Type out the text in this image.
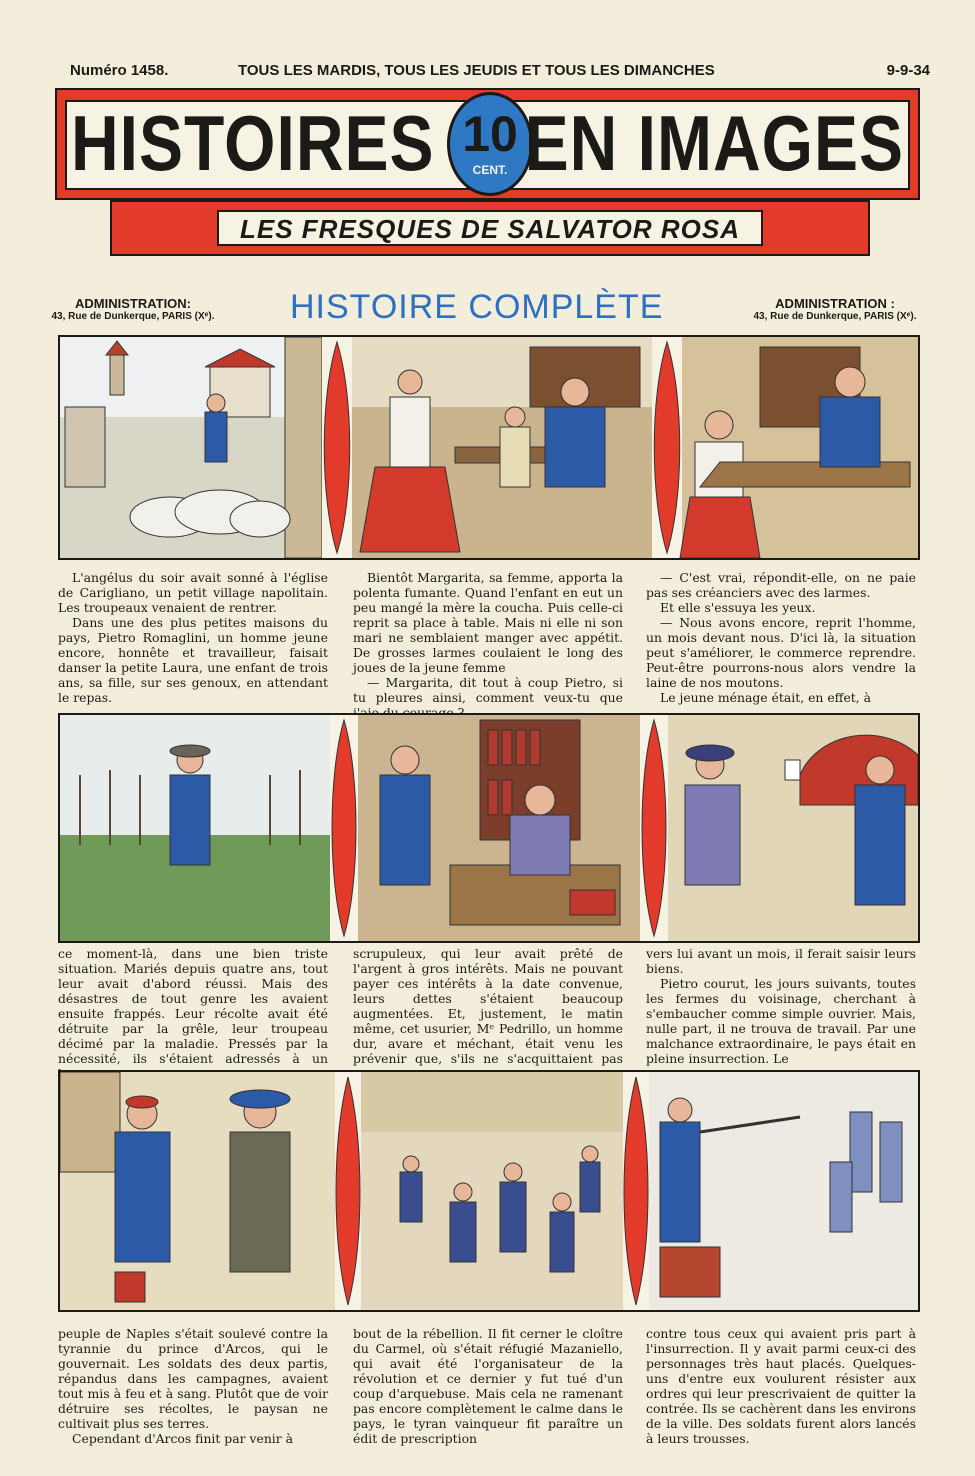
Numéro 1458.	TOUS LES MARDIS, TOUS LES JEUDIS ET TOUS LES DIMANCHES	9-9-34
HISTOIRES 10
CENT. EN IMAGES
LES FRESQUES DE SALVATOR ROSA
ADMINISTRATION:
43, Rue de Dunkerque, PARIS (Xᵉ). HISTOIRE COMPLÈTE	ADMINISTRATION :
43, Rue de Dunkerque, PARIS (Xᵉ).

L'angélus du soir avait sonné à l'église de Carigliano, un petit village napolitain. Les troupeaux venaient de rentrer.

Dans une des plus petites maisons du pays, Pietro Romaglini, un homme jeune encore, honnête et travailleur, faisait danser la petite Laura, une enfant de trois ans, sa fille, sur ses genoux, en attendant le repas.

Bientôt Margarita, sa femme, apporta la polenta fumante. Quand l'enfant en eut un peu mangé la mère la coucha. Puis celle-ci reprit sa place à table. Mais ni elle ni son mari ne semblaient manger avec appétit. De grosses larmes coulaient le long des joues de la jeune femme

— Margarita, dit tout à coup Pietro, si tu pleures ainsi, comment veux-tu que

— C'est vrai, répondit-elle, on ne paie pas ses créanciers avec des larmes.

Et elle s'essuya les yeux.

— Nous avons encore, reprit l'homme, un mois devant nous. D'ici là, la situation peut s'améliorer, le commerce reprendre. Peut-être pourrons-nous alors vendre la laine de nos moutons.

Le jeune ménage était, en effet, à

ce moment-là, dans une bien triste situation. Mariés depuis quatre ans, tout leur avait d'abord réussi. Mais des désastres de tout genre les avaient ensuite frappés. Leur récolte avait été détruite par la grêle, leur troupeau décimé par la maladie. Pressés par la nécessité, ils s'étaient adressés à un

scrupuleux, qui leur avait prêté de l'argent à gros intérêts. Mais ne pouvant payer ces intérêts à la date convenue, leurs dettes s'étaient beaucoup augmentées. Et, justement, le matin même, cet usurier, Mᵉ Pedrillo, un homme dur, avare et méchant, était venu les prévenir que, s'ils ne s'acquittaient pas

vers lui avant un mois, il ferait saisir leurs biens.

Pietro courut, les jours suivants, toutes les fermes du voisinage, cherchant à s'embaucher comme simple ouvrier. Mais, nulle part, il ne trouva de travail. Par une malchance extraordinaire, le pays était en pleine insurrection. Le

peuple de Naples s'était soulevé contre la tyrannie du prince d'Arcos, qui le gouvernait. Les soldats des deux partis, répandus dans les campagnes, avaient tout mis à feu et à sang. Plutôt que de voir détruire ses récoltes, le paysan ne cultivait plus ses terres.

Cependant d'Arcos finit par venir à

bout de la rébellion. Il fit cerner le cloître du Carmel, où s'était réfugié Mazaniello, qui avait été l'organisateur de la révolution et ce dernier y fut tué d'un coup d'arquebuse. Mais cela ne ramenant pas encore complètement le calme dans le pays, le tyran vainqueur fit paraître un édit de prescription

contre tous ceux qui avaient pris part à l'insurrection. Il y avait parmi ceux-ci des personnages très haut placés. Quelques-uns d'entre eux voulurent résister aux ordres qui leur prescrivaient de quitter la contrée. Ils se cachèrent dans les environs de la ville. Des soldats furent alors lancés à leurs trousses.
